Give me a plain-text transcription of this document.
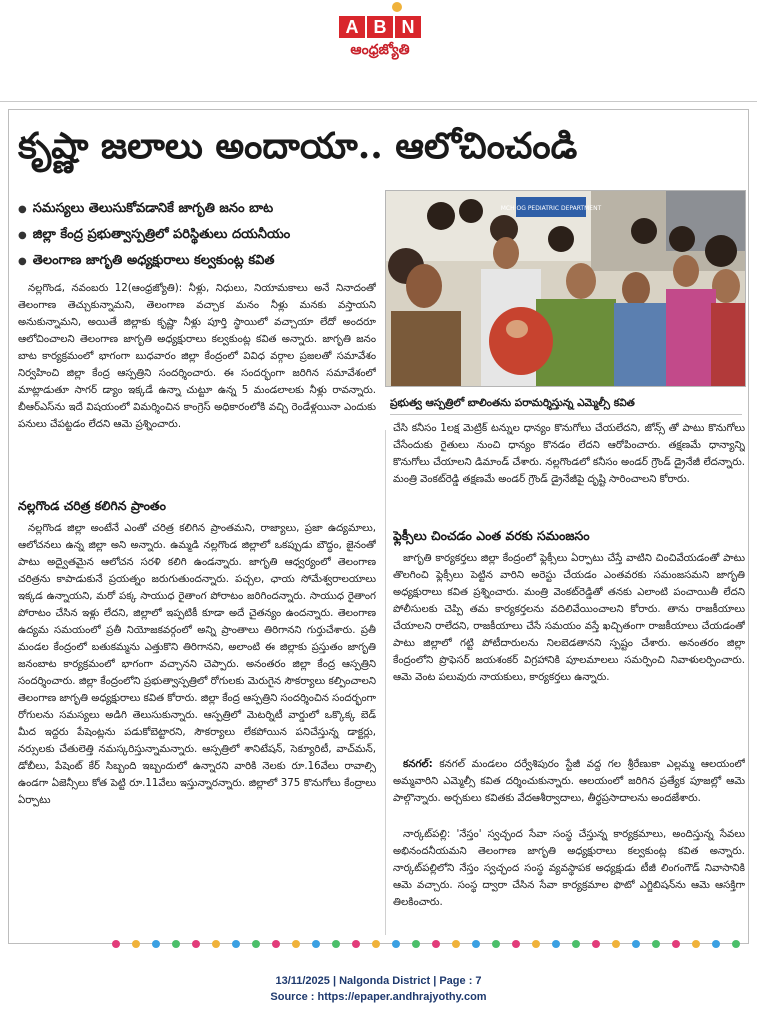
A B N
ఆంధ్రజ్యోతి
కృష్ణా జలాలు అందాయా.. ఆలోచించండి
● సమస్యలు తెలుసుకోవడానికే జాగృతి జనం బాట
● జిల్లా కేంద్ర ప్రభుత్వాస్పత్రిలో పరిస్థితులు దయనీయం
● తెలంగాణ జాగృతి అధ్యక్షురాలు కల్వకుంట్ల కవిత
MCH OG PEDIATRIC DEPARTMENT
ప్రభుత్వ ఆస్పత్రిలో బాలింతను పరామర్శిస్తున్న ఎమ్మెల్సీ కవిత
నల్లగొండ, నవంబరు 12(ఆంధ్రజ్యోతి): నీళ్లు, నిధులు, నియామకాలు అనే నినాదంతో తెలంగాణ తెచ్చుకున్నామని, తెలంగాణ వచ్చాక మనం నీళ్లు మనకు వస్తాయని అనుకున్నామని, అయితే జిల్లాకు కృష్ణా నీళ్లు పూర్తి స్థాయిలో వచ్చాయా లేదో అందరూ ఆలోచించాలని తెలంగాణ జాగృతి అధ్యక్షురాలు కల్వకుంట్ల కవిత అన్నారు. జాగృతి జనం బాట కార్యక్రమంలో భాగంగా బుధవారం జిల్లా కేంద్రంలో వివిధ వర్గాల ప్రజలతో సమావేశం నిర్వహించి జిల్లా కేంద్ర ఆస్పత్రిని సందర్శించారు. ఈ సందర్భంగా జరిగిన సమావేశంలో మాట్లాడుతూ సాగర్ డ్యాం ఇక్కడే ఉన్నా చుట్టూ ఉన్న 5 మండలాలకు నీళ్లు రావన్నారు. బీఆర్ఎస్‌ను ఇదే విషయంలో విమర్శించిన కాంగ్రెస్ అధికారంలోకి వచ్చి రెండేళ్లయినా ఎందుకు పనులు చేపట్టడం లేదని ఆమె ప్రశ్నించారు.
నల్లగొండ చరిత్ర కలిగిన ప్రాంతం
నల్లగొండ జిల్లా అంటేనే ఎంతో చరిత్ర కలిగిన ప్రాంతమని, రాజ్యాలు, ప్రజా ఉద్యమాలు, ఆలోచనలు ఉన్న జిల్లా అని అన్నారు. ఉమ్మడి నల్లగొండ జిల్లాలో ఒకప్పుడు బౌద్ధం, జైనంతో పాటు అద్వైతమైన ఆలోచన సరళి కలిగి ఉండన్నారు. జాగృతి ఆధ్వర్యంలో తెలంగాణ చరిత్రను కాపాడుకునే ప్రయత్నం జరుగుతుందన్నారు. పచ్చల, ఛాయ సోమేశ్వరాలయాలు ఇక్కడ ఉన్నాయని, మరో పక్క సాయుధ రైతాంగ పోరాటం జరిగిందన్నారు. సాయుధ రైతాంగ పోరాటం చేసిన ఇళ్లు లేదని, జిల్లాలో ఇప్పటికీ కూడా అదే చైతన్యం ఉందన్నారు. తెలంగాణ ఉద్యమ సమయంలో ప్రతీ నియోజకవర్గంలో అన్ని ప్రాంతాలు తిరిగానని గుర్తుచేశారు. ప్రతీ మండల కేంద్రంలో బతుకమ్మను ఎత్తుకొని తిరిగానని, అలాంటి ఈ జిల్లాకు ప్రస్తుతం జాగృతి జనంబాట కార్యక్రమంలో భాగంగా వచ్చానని చెప్పారు. అనంతరం జిల్లా కేంద్ర ఆస్పత్రిని సందర్శించారు. జిల్లా కేంద్రంలోని ప్రభుత్వాస్పత్రిలో రోగులకు మెరుగైన సౌకర్యాలు కల్పించాలని తెలంగాణ జాగృతి అధ్యక్షురాలు కవిత కోరారు. జిల్లా కేంద్ర ఆస్పత్రిని సందర్శించిన సందర్భంగా రోగులను సమస్యలు అడిగి తెలుసుకున్నారు. ఆస్పత్రిలో మెటర్నిటీ వార్డులో ఒక్కొక్క బెడ్ మీద ఇద్దరు పేషెంట్లను పడుకోబెట్టారని, సౌకర్యాలు లేకపోయిన పనిచేస్తున్న డాక్టర్లు, నర్సులకు చేతులెత్తి నమస్కరిస్తున్నామన్నారు. ఆస్పత్రిలో శానిటేషన్, సెక్యూరిటీ, వాచ్‌మన్, డోబీలు, పేషెంట్ కేర్ సిబ్బంది ఇబ్బందులో ఉన్నారని వారికి నెలకు రూ.16వేలు రావాల్సి ఉండగా ఏజెన్సీలు కోత పెట్టి రూ.11వేలు ఇస్తున్నారన్నారు. జిల్లాలో 375 కొనుగోలు కేంద్రాలు ఏర్పాటు
చేసి కనీసం 1లక్ష మెట్రిక్ టన్నుల ధాన్యం కొనుగోలు చేయలేదని, జోన్స్ తో పాటు కొనుగోలు చేసేందుకు రైతులు నుంచి ధాన్యం కొనడం లేదని ఆరోపించారు. తక్షణమే ధాన్యాన్ని కొనుగోలు చేయాలని డిమాండ్ చేశారు. నల్లగొండలో కనీసం అండర్ గ్రౌండ్ డ్రైనేజీ లేదన్నారు. మంత్రి వెంకట్‌రెడ్డి తక్షణమే అండర్ గ్రౌండ్ డ్రైనేజీపై దృష్టి సారించాలని కోరారు.
ఫ్లెక్సీలు చించడం ఎంత వరకు సమంజసం
జాగృతి కార్యకర్తలు జిల్లా కేంద్రంలో ఫ్లెక్సీలు ఏర్పాటు చేస్తే వాటిని చించివేయడంతో పాటు తొలగించి ఫ్లెక్సీలు పెట్టిన వారిని అరెస్టు చేయడం ఎంతవరకు సమంజసమని జాగృతి అధ్యక్షురాలు కవిత ప్రశ్నించారు. మంత్రి వెంకట్‌రెడ్డితో తనకు ఎలాంటి పంచాయితీ లేదని పోలీసులకు చెప్పి తమ కార్యకర్తలను వదిలివేయించాలని కోరారు. తాను రాజకీయాలు చేయాలని రాలేదని, రాజకీయాలు చేసే సమయం వస్తే ఖచ్చితంగా రాజకీయాలు చేయడంతో పాటు జిల్లాలో గట్టి పోటీదారులను నిలబెడతానని స్పష్టం చేశారు. అనంతరం జిల్లా కేంద్రంలోని ప్రొఫెసర్ జయశంకర్ విగ్రహానికి పూలమాలలు సమర్పించి నివాళులర్పించారు. ఆమె వెంట పలువురు నాయకులు, కార్యకర్తలు ఉన్నారు.
కనగల్: కనగల్ మండలం దర్వేశిపురం స్టేజీ వద్ద గల శ్రీరేణుకా ఎల్లమ్మ ఆలయంలో అమ్మవారిని ఎమ్మెల్సీ కవిత దర్శించుకున్నారు. ఆలయంలో జరిగిన ప్రత్యేక పూజల్లో ఆమె పాల్గొన్నారు. అర్చకులు కవితకు వేదఆశీర్వాదాలు, తీర్థప్రసాదాలను అందజేశారు.
నార్కట్‌పల్లి: 'నేస్తం' స్వచ్ఛంద సేవా సంస్థ చేస్తున్న కార్యక్రమాలు, అందిస్తున్న సేవలు అభినందనీయమని తెలంగాణ జాగృతి అధ్యక్షురాలు కల్వకుంట్ల కవిత అన్నారు. నార్కట్‌పల్లిలోని నేస్తం స్వచ్ఛంద సంస్థ వ్యవస్థాపక అధ్యక్షుడు టీజీ లింగంగౌడ్ నివాసానికి ఆమె వచ్చారు. సంస్థ ద్వారా చేసిన సేవా కార్యక్రమాల ఫొటో ఎగ్జిబిషన్‌ను ఆమె ఆసక్తిగా తిలకించారు.
13/11/2025 | Nalgonda District | Page : 7
Source : https://epaper.andhrajyothy.com
